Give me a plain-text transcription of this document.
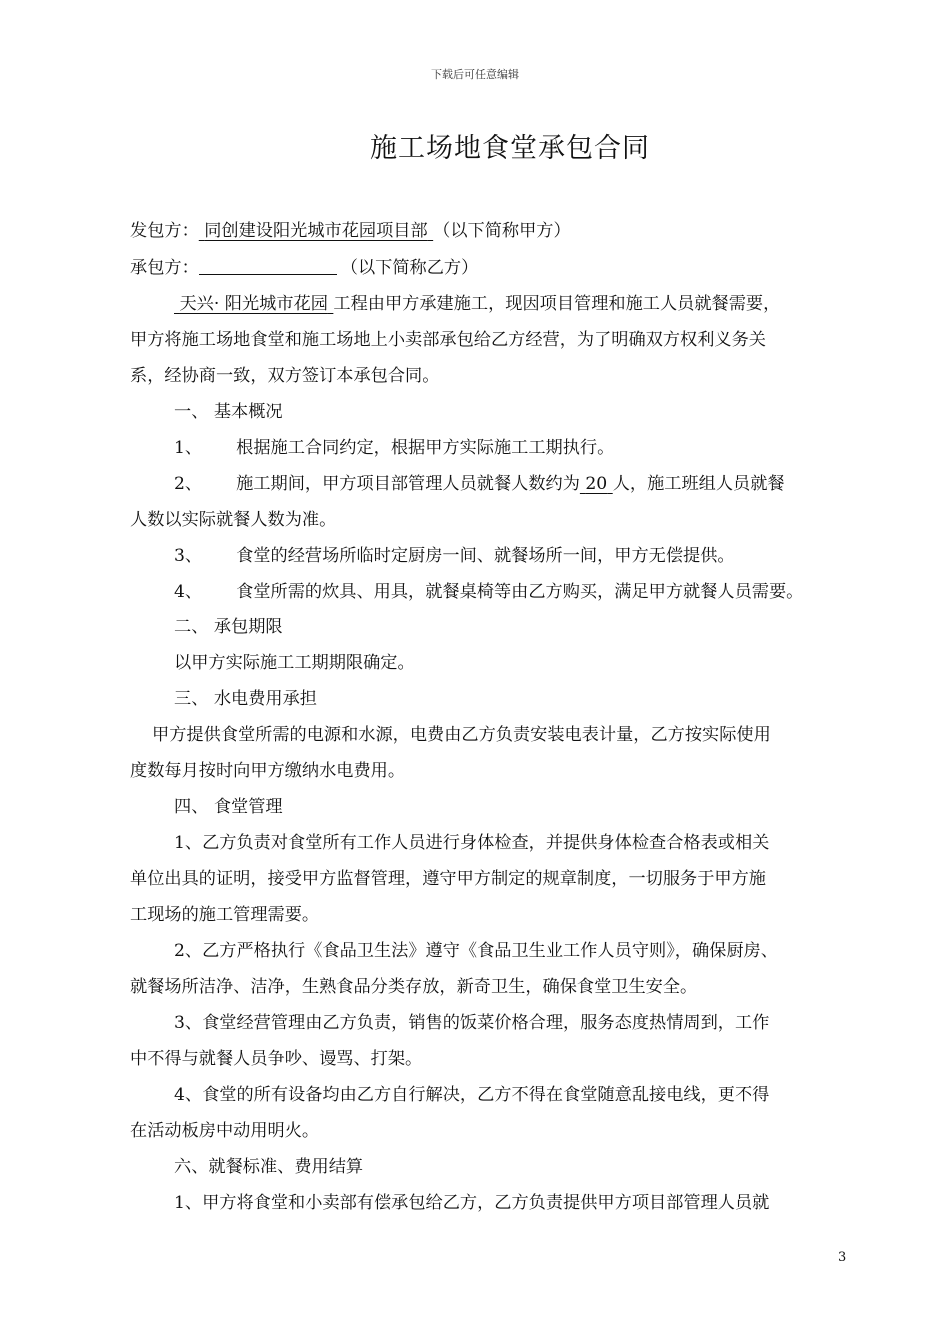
下载后可任意编辑
施工场地食堂承包合同
发包方： 同创建设阳光城市花园项目部 （以下简称甲方）
承包方：	（以下简称乙方）
天兴· 阳光城市花园 工程由甲方承建施工，现因项目管理和施工人员就餐需要，
甲方将施工场地食堂和施工场地上小卖部承包给乙方经营，为了明确双方权利义务关
系，经协商一致，双方签订本承包合同。
一、 基本概况
1、 根据施工合同约定，根据甲方实际施工工期执行。
2、 施工期间，甲方项目部管理人员就餐人数约为 20 人，施工班组人员就餐
人数以实际就餐人数为准。
3、 食堂的经营场所临时定厨房一间、就餐场所一间，甲方无偿提供。
4、 食堂所需的炊具、用具，就餐桌椅等由乙方购买，满足甲方就餐人员需要。
二、 承包期限
以甲方实际施工工期期限确定。
三、 水电费用承担
甲方提供食堂所需的电源和水源，电费由乙方负责安装电表计量，乙方按实际使用
度数每月按时向甲方缴纳水电费用。
四、 食堂管理
1、乙方负责对食堂所有工作人员进行身体检查，并提供身体检查合格表或相关
单位出具的证明，接受甲方监督管理，遵守甲方制定的规章制度，一切服务于甲方施
工现场的施工管理需要。
2、乙方严格执行《食品卫生法》遵守《食品卫生业工作人员守则》，确保厨房、
就餐场所洁净、洁净，生熟食品分类存放，新奇卫生，确保食堂卫生安全。
3、食堂经营管理由乙方负责，销售的饭菜价格合理，服务态度热情周到，工作
中不得与就餐人员争吵、谩骂、打架。
4、食堂的所有设备均由乙方自行解决，乙方不得在食堂随意乱接电线，更不得
在活动板房中动用明火。
六、就餐标准、费用结算
1、甲方将食堂和小卖部有偿承包给乙方，乙方负责提供甲方项目部管理人员就
3
